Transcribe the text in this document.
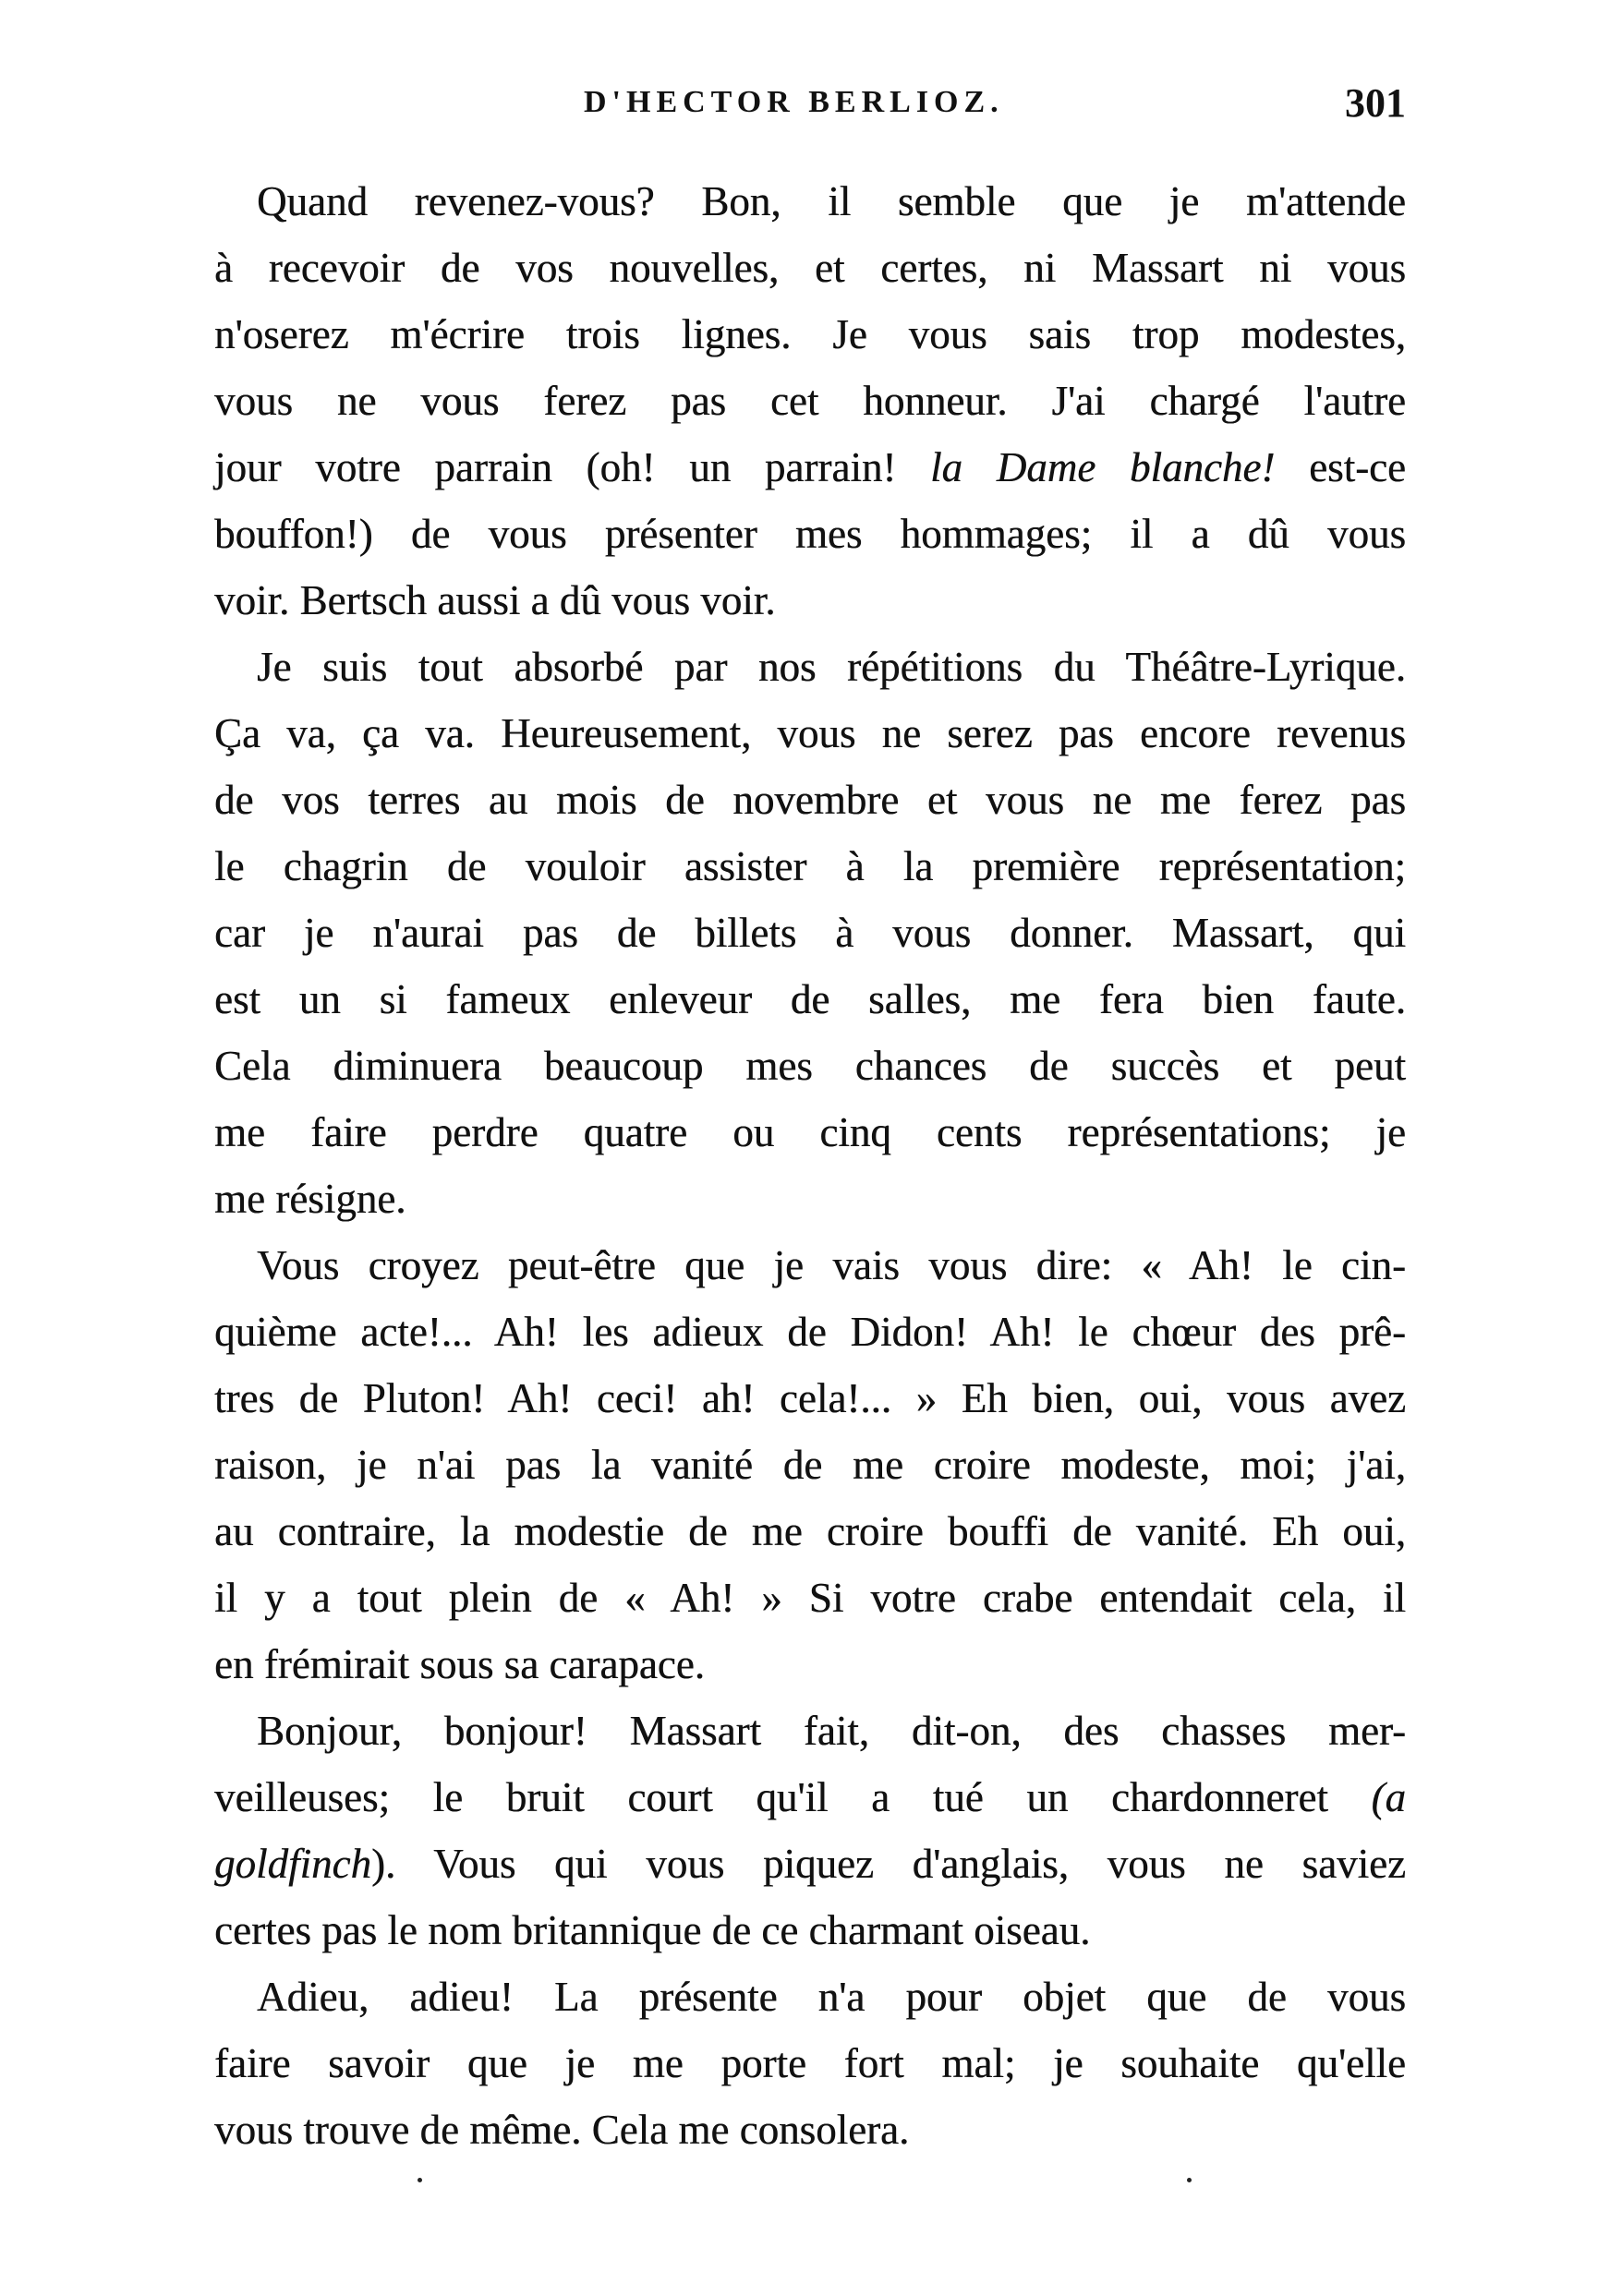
D'HECTOR BERLIOZ.	301
Quand revenez-vous? Bon, il semble que je m'attende
à recevoir de vos nouvelles, et certes, ni Massart ni vous
n'oserez m'écrire trois lignes. Je vous sais trop modestes,
vous ne vous ferez pas cet honneur. J'ai chargé l'autre
jour votre parrain (oh! un parrain! la Dame blanche! est-ce
bouffon!) de vous présenter mes hommages; il a dû vous
voir. Bertsch aussi a dû vous voir.
Je suis tout absorbé par nos répétitions du Théâtre-Lyrique.
Ça va, ça va. Heureusement, vous ne serez pas encore revenus
de vos terres au mois de novembre et vous ne me ferez pas
le chagrin de vouloir assister à la première représentation;
car je n'aurai pas de billets à vous donner. Massart, qui
est un si fameux enleveur de salles, me fera bien faute.
Cela diminuera beaucoup mes chances de succès et peut
me faire perdre quatre ou cinq cents représentations; je
me résigne.
Vous croyez peut-être que je vais vous dire: « Ah! le cin-
quième acte!... Ah! les adieux de Didon! Ah! le chœur des prê-
tres de Pluton! Ah! ceci! ah! cela!... » Eh bien, oui, vous avez
raison, je n'ai pas la vanité de me croire modeste, moi; j'ai,
au contraire, la modestie de me croire bouffi de vanité. Eh oui,
il y a tout plein de « Ah! » Si votre crabe entendait cela, il
en frémirait sous sa carapace.
Bonjour, bonjour! Massart fait, dit-on, des chasses mer-
veilleuses; le bruit court qu'il a tué un chardonneret (a
goldfinch). Vous qui vous piquez d'anglais, vous ne saviez
certes pas le nom britannique de ce charmant oiseau.
Adieu, adieu! La présente n'a pour objet que de vous
faire savoir que je me porte fort mal; je souhaite qu'elle
vous trouve de même. Cela me consolera.
